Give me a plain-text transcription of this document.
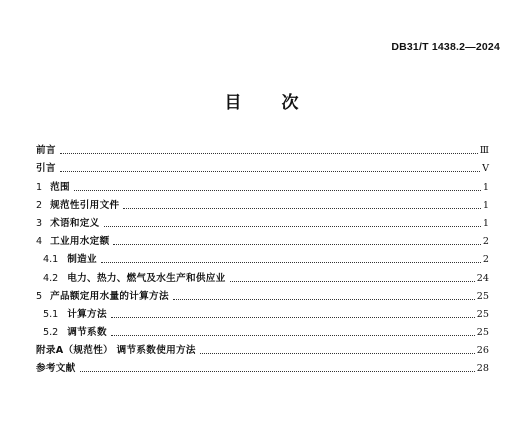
DB31/T 1438.2—2024
目 次
前言	Ⅲ
引言	Ⅴ
1 范围	1
2 规范性引用文件	1
3 术语和定义	1
4 工业用水定额	2
4.1 制造业	2
4.2 电力、热力、燃气及水生产和供应业	24
5 产品额定用水量的计算方法	25
5.1 计算方法	25
5.2 调节系数	25
附录A（规范性） 调节系数使用方法	26
参考文献	28
